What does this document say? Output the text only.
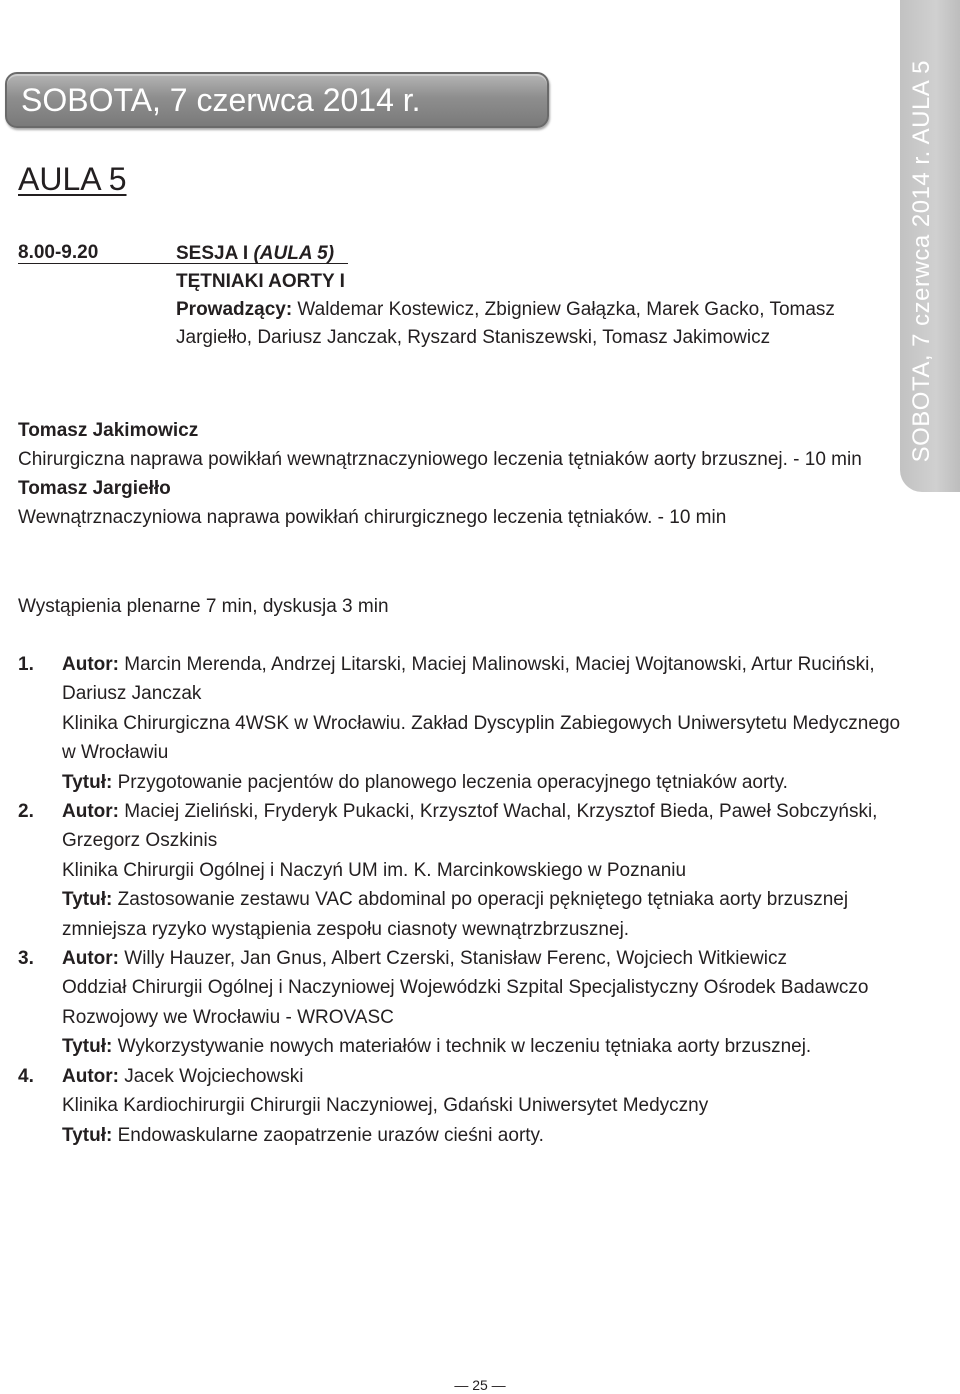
SOBOTA, 7 czerwca 2014 r.	SOBOTA, 7 czerwca 2014 r. AULA 5
AULA 5
8.00-9.20	SESJA I (AULA 5)
TĘTNIAKI AORTY I
Prowadzący: Waldemar Kostewicz, Zbigniew Gałązka, Marek Gacko, Tomasz Jargiełło, Dariusz Janczak, Ryszard Staniszewski, Tomasz Jakimowicz
Tomasz Jakimowicz
Chirurgiczna naprawa powikłań wewnątrznaczyniowego leczenia tętniaków aorty brzusznej. - 10 min
Tomasz Jargiełło
Wewnątrznaczyniowa naprawa powikłań chirurgicznego leczenia tętniaków. - 10 min
Wystąpienia plenarne 7 min, dyskusja 3 min
1. Autor: Marcin Merenda, Andrzej Litarski, Maciej Malinowski, Maciej Wojtanowski, Artur Ruciński, Dariusz Janczak
Klinika Chirurgiczna 4WSK w Wrocławiu. Zakład Dyscyplin Zabiegowych Uniwersytetu Medycznego w Wrocławiu
Tytuł: Przygotowanie pacjentów do planowego leczenia operacyjnego tętniaków aorty.
2. Autor: Maciej Zieliński, Fryderyk Pukacki, Krzysztof Wachal, Krzysztof Bieda, Paweł Sobczyński, Grzegorz Oszkinis
Klinika Chirurgii Ogólnej i Naczyń UM im. K. Marcinkowskiego w Poznaniu
Tytuł: Zastosowanie zestawu VAC abdominal po operacji pękniętego tętniaka aorty brzusznej zmniejsza ryzyko wystąpienia zespołu ciasnoty wewnątrzbrzusznej.
3. Autor: Willy Hauzer, Jan Gnus, Albert Czerski, Stanisław Ferenc, Wojciech Witkiewicz
Oddział Chirurgii Ogólnej i Naczyniowej Wojewódzki Szpital Specjalistyczny Ośrodek Badawczo Rozwojowy we Wrocławiu - WROVASC
Tytuł: Wykorzystywanie nowych materiałów i technik w leczeniu tętniaka aorty brzusznej.
4. Autor: Jacek Wojciechowski
Klinika Kardiochirurgii Chirurgii Naczyniowej, Gdański Uniwersytet Medyczny
Tytuł: Endowaskularne zaopatrzenie urazów cieśni aorty.
— 25 —
